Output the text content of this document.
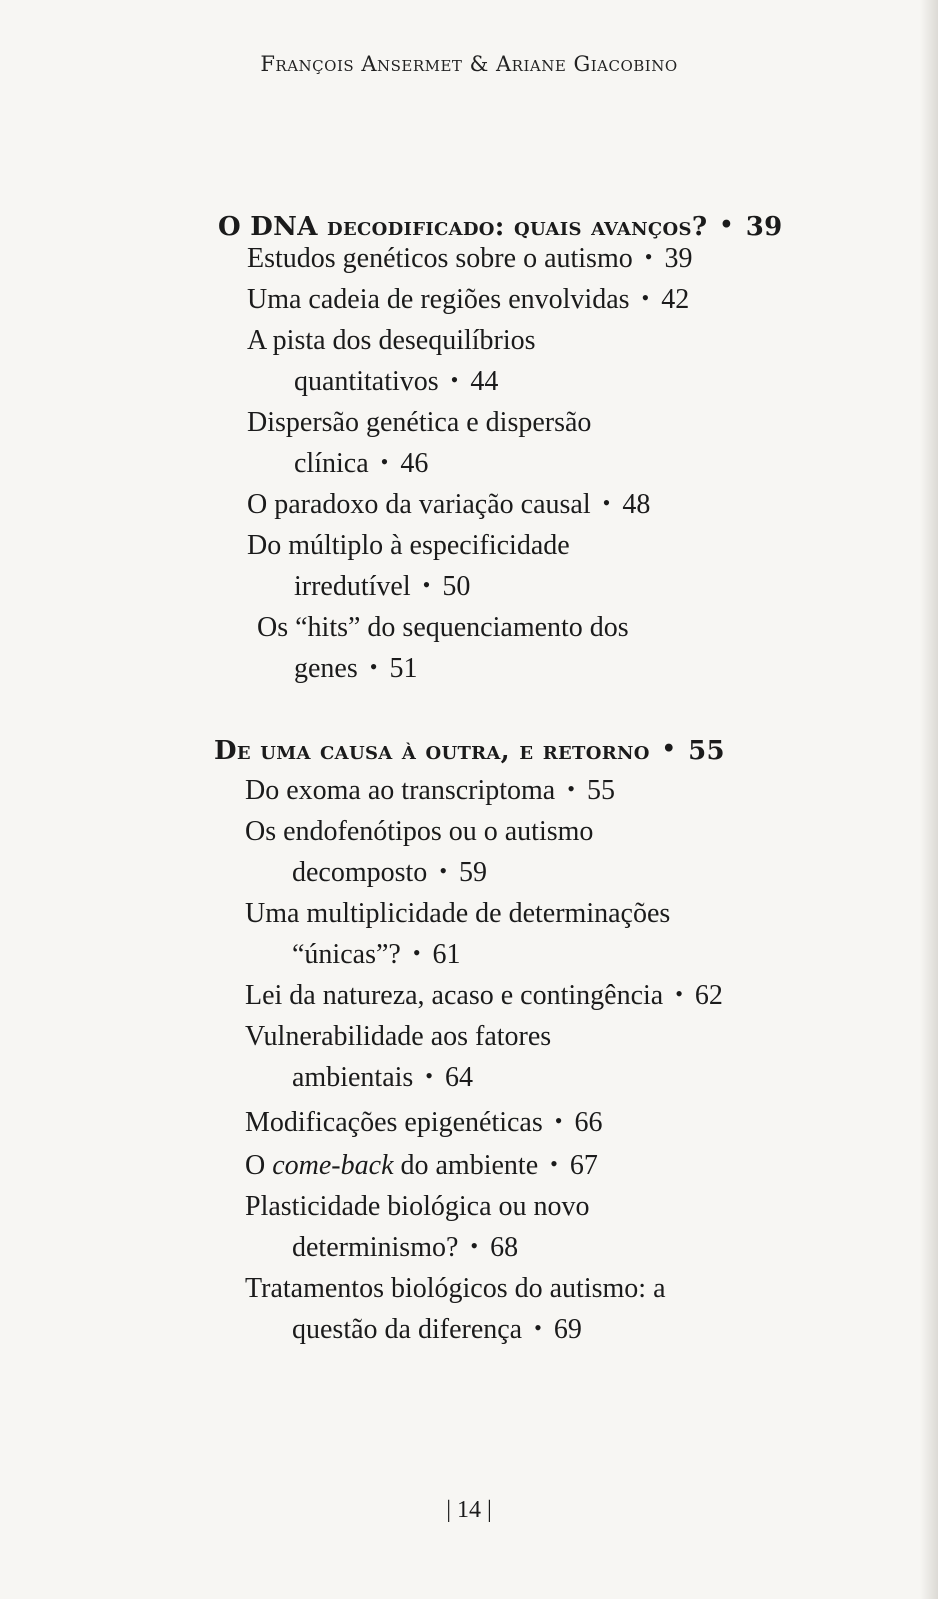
François Ansermet & Ariane Giacobino
O DNA decodificado: quais avanços? • 39
Estudos genéticos sobre o autismo • 39
Uma cadeia de regiões envolvidas • 42
A pista dos desequilíbrios
quantitativos • 44
Dispersão genética e dispersão
clínica • 46
O paradoxo da variação causal • 48
Do múltiplo à especificidade
irredutível • 50
Os “hits” do sequenciamento dos
genes • 51
De uma causa à outra, e retorno • 55
Do exoma ao transcriptoma • 55
Os endofenótipos ou o autismo
decomposto • 59
Uma multiplicidade de determinações
“únicas”? • 61
Lei da natureza, acaso e contingência • 62
Vulnerabilidade aos fatores
ambientais • 64
Modificações epigenéticas • 66
O come-back do ambiente • 67
Plasticidade biológica ou novo
determinismo? • 68
Tratamentos biológicos do autismo: a
questão da diferença • 69
| 14 |
